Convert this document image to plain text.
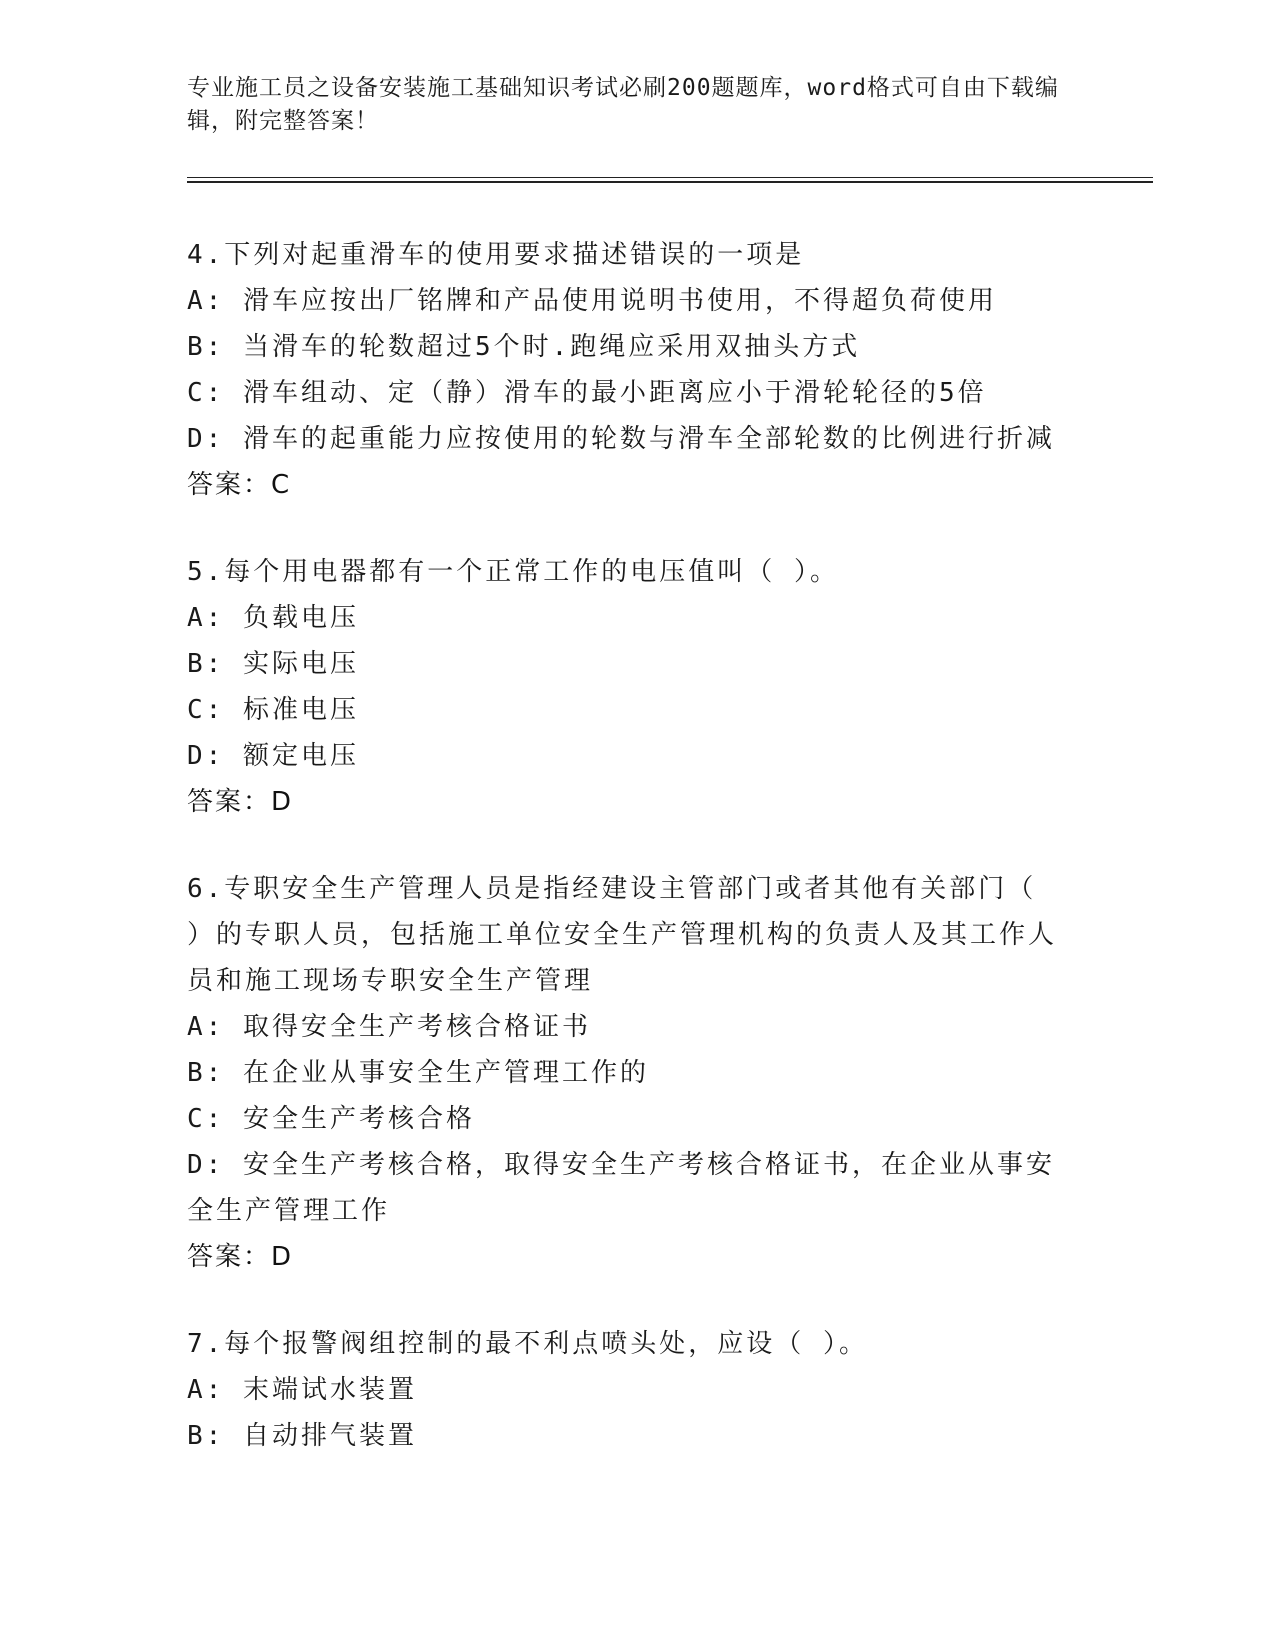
专业施工员之设备安装施工基础知识考试必刷200题题库，word格式可自由下载编辑，附完整答案！

4.下列对起重滑车的使用要求描述错误的一项是

A: 滑车应按出厂铭牌和产品使用说明书使用，不得超负荷使用

B: 当滑车的轮数超过5个时.跑绳应采用双抽头方式

C: 滑车组动、定（静）滑车的最小距离应小于滑轮轮径的5倍

D: 滑车的起重能力应按使用的轮数与滑车全部轮数的比例进行折减

答案：C

5.每个用电器都有一个正常工作的电压值叫（ ）。

A: 负载电压

B: 实际电压

C: 标准电压

D: 额定电压

答案：D

6.专职安全生产管理人员是指经建设主管部门或者其他有关部门（ ）的专职人员，包括施工单位安全生产管理机构的负责人及其工作人员和施工现场专职安全生产管理

A: 取得安全生产考核合格证书

B: 在企业从事安全生产管理工作的

C: 安全生产考核合格

D: 安全生产考核合格，取得安全生产考核合格证书，在企业从事安全生产管理工作

答案：D

7.每个报警阀组控制的最不利点喷头处，应设（ ）。

A: 末端试水装置

B: 自动排气装置
